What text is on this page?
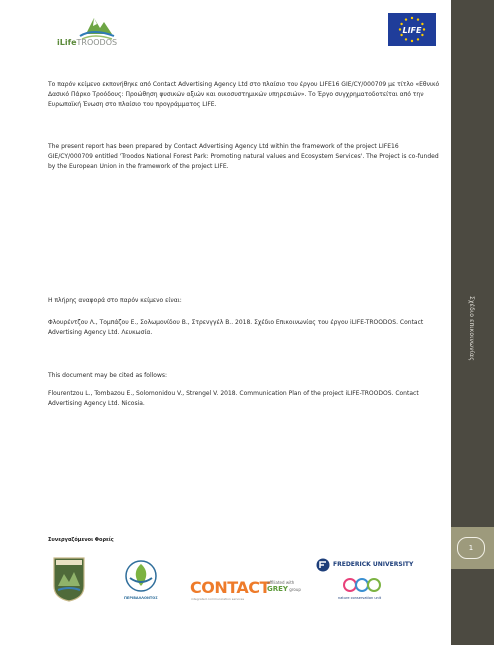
iLifeTROODOS
LIFE
Το παρόν κείμενο εκπονήθηκε από Contact Advertising Agency Ltd στο πλαίσιο του έργου LIFE16 GIE/CY/000709 με τίτλο «Εθνικό Δασικό Πάρκο Τροόδους: Προώθηση φυσικών αξιών και οικοσυστημικών υπηρεσιών». Το Έργο συγχρηματοδοτείται από την Ευρωπαϊκή Ένωση στο πλαίσιο του προγράμματος LIFE.
The present report has been prepared by Contact Advertising Agency Ltd within the framework of the project LIFE16 GIE/CY/000709 entitled 'Troodos National Forest Park: Promoting natural values and Ecosystem Services'. The Project is co-funded by the European Union in the framework of the project LIFE.
Η πλήρης αναφορά στο παρόν κείμενο είναι:
Φλουρέντζου Λ., Τομπάζου Ε., Σολωμονίδου Β., Στρενγγέλ Β.. 2018. Σχέδιο Επικοινωνίας του έργου iLIFE-TROODOS. Contact Advertising Agency Ltd. Λευκωσία.
This document may be cited as follows:
Flourentzou L., Tombazou E., Solomonidou V., Strengel V. 2018. Communication Plan of the project iLIFE-TROODOS. Contact Advertising Agency Ltd. Nicosia.
Συνεργαζόμενοι Φορείς
ΠΕΡΙΒΑΛΛΟΝΤΟΣ
CONTACT
integrated communication services
affiliated with
GREY group
FREDERICK UNIVERSITY
nature conservation unit
Σχέδιο επικοινωνίας
1
